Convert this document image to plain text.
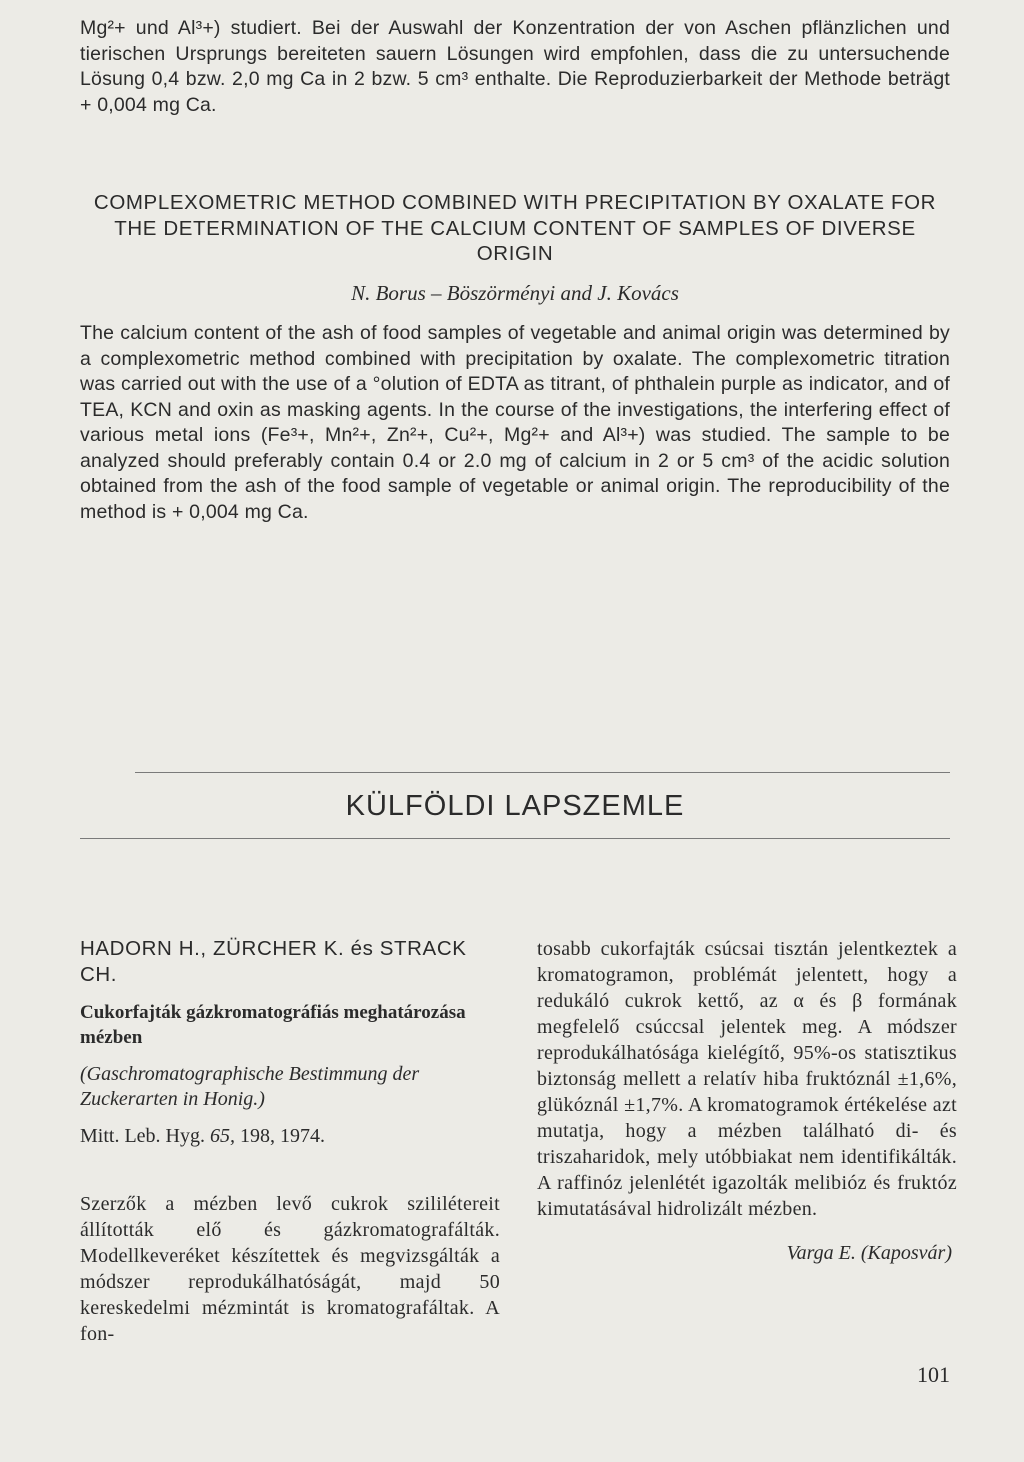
Mg²+ und Al³+) studiert. Bei der Auswahl der Konzentration der von Aschen pflänzlichen und tierischen Ursprungs bereiteten sauern Lösungen wird empfohlen, dass die zu untersuchende Lösung 0,4 bzw. 2,0 mg Ca in 2 bzw. 5 cm³ enthalte. Die Reproduzierbarkeit der Methode beträgt + 0,004 mg Ca.

COMPLEXOMETRIC METHOD COMBINED WITH PRECIPITATION BY OXALATE FOR THE DETERMINATION OF THE CALCIUM CONTENT OF SAMPLES OF DIVERSE ORIGIN

N. Borus – Böszörményi and J. Kovács

The calcium content of the ash of food samples of vegetable and animal origin was determined by a complexometric method combined with precipitation by oxalate. The complexometric titration was carried out with the use of a °olution of EDTA as titrant, of phthalein purple as indicator, and of TEA, KCN and oxin as masking agents. In the course of the investigations, the interfering effect of various metal ions (Fe³+, Mn²+, Zn²+, Cu²+, Mg²+ and Al³+) was studied. The sample to be analyzed should preferably contain 0.4 or 2.0 mg of calcium in 2 or 5 cm³ of the acidic solution obtained from the ash of the food sample of vegetable or animal origin. The reproducibility of the method is + 0,004 mg Ca.

KÜLFÖLDI LAPSZEMLE
HADORN H., ZÜRCHER K. és STRACK CH.
Cukorfajták gázkromatográfiás meghatározása mézben
(Gaschromatographische Bestimmung der Zuckerarten in Honig.)
Mitt. Leb. Hyg. 65, 198, 1974.

Szerzők a mézben levő cukrok szililétereit állították elő és gázkromatografálták. Modellkeveréket készítettek és megvizsgálták a módszer reprodukálhatóságát, majd 50 kereskedelmi mézmintát is kromatografáltak. A fon-

tosabb cukorfajták csúcsai tisztán jelentkeztek a kromatogramon, problémát jelentett, hogy a redukáló cukrok kettő, az α és β formának megfelelő csúccsal jelentek meg. A módszer reprodukálhatósága kielégítő, 95%-os statisztikus biztonság mellett a relatív hiba fruktóznál ±1,6%, glükóznál ±1,7%. A kromatogramok értékelése azt mutatja, hogy a mézben található di- és triszaharidok, mely utóbbiakat nem identifikálták. A raffinóz jelenlétét igazolták melibióz és fruktóz kimutatásával hidrolizált mézben.

Varga E. (Kaposvár)

101
